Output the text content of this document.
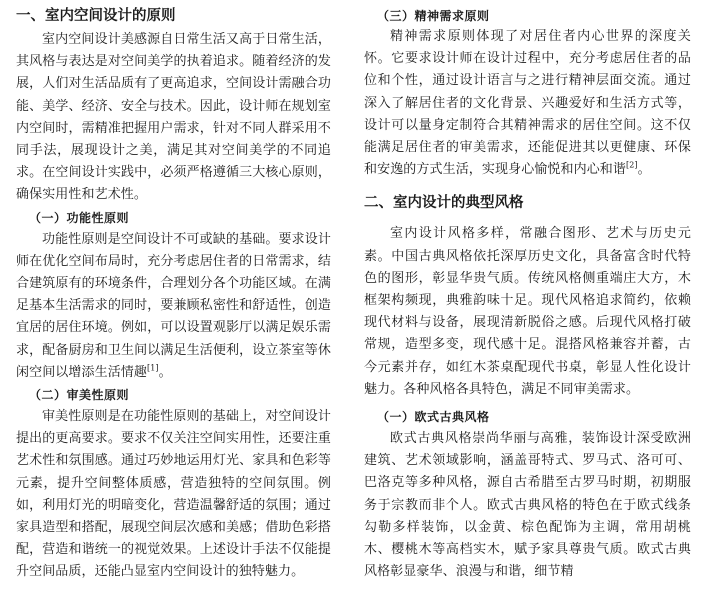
一、室内空间设计的原则

室内空间设计美感源自日常生活又高于日常生活，其风格与表达是对空间美学的执着追求。随着经济的发展，人们对生活品质有了更高追求，空间设计需融合功能、美学、经济、安全与技术。因此，设计师在规划室内空间时，需精准把握用户需求，针对不同人群采用不同手法，展现设计之美，满足其对空间美学的不同追求。在空间设计实践中，必须严格遵循三大核心原则，确保实用性和艺术性。

（一）功能性原则

功能性原则是空间设计不可或缺的基础。要求设计师在优化空间布局时，充分考虑居住者的日常需求，结合建筑原有的环境条件，合理划分各个功能区域。在满足基本生活需求的同时，要兼顾私密性和舒适性，创造宜居的居住环境。例如，可以设置观影厅以满足娱乐需求，配备厨房和卫生间以满足生活便利，设立茶室等休闲空间以增添生活情趣[1]。

（二）审美性原则

审美性原则是在功能性原则的基础上，对空间设计提出的更高要求。要求不仅关注空间实用性，还要注重艺术性和氛围感。通过巧妙地运用灯光、家具和色彩等元素，提升空间整体质感，营造独特的空间氛围。例如，利用灯光的明暗变化，营造温馨舒适的氛围；通过家具造型和搭配，展现空间层次感和美感；借助色彩搭配，营造和谐统一的视觉效果。上述设计手法不仅能提升空间品质，还能凸显室内空间设计的独特魅力。

（三）精神需求原则

精神需求原则体现了对居住者内心世界的深度关怀。它要求设计师在设计过程中，充分考虑居住者的品位和个性，通过设计语言与之进行精神层面交流。通过深入了解居住者的文化背景、兴趣爱好和生活方式等，设计可以量身定制符合其精神需求的居住空间。这不仅能满足居住者的审美需求，还能促进其以更健康、环保和安逸的方式生活，实现身心愉悦和内心和谐[2]。

二、室内设计的典型风格

室内设计风格多样，常融合图形、艺术与历史元素。中国古典风格依托深厚历史文化，具备富含时代特色的图形，彰显华贵气质。传统风格侧重端庄大方，木框架构频现，典雅韵味十足。现代风格追求简约，依赖现代材料与设备，展现清新脱俗之感。后现代风格打破常规，造型多变，现代感十足。混搭风格兼容并蓄，古今元素并存，如红木茶桌配现代书桌，彰显人性化设计魅力。各种风格各具特色，满足不同审美需求。

（一）欧式古典风格

欧式古典风格崇尚华丽与高雅，装饰设计深受欧洲建筑、艺术领域影响，涵盖哥特式、罗马式、洛可可、巴洛克等多种风格，源自古希腊至古罗马时期，初期服务于宗教而非个人。欧式古典风格的特色在于欧式线条勾勒多样装饰，以金黄、棕色配饰为主调，常用胡桃木、樱桃木等高档实木，赋予家具尊贵气质。欧式古典风格彰显豪华、浪漫与和谐，细节精
